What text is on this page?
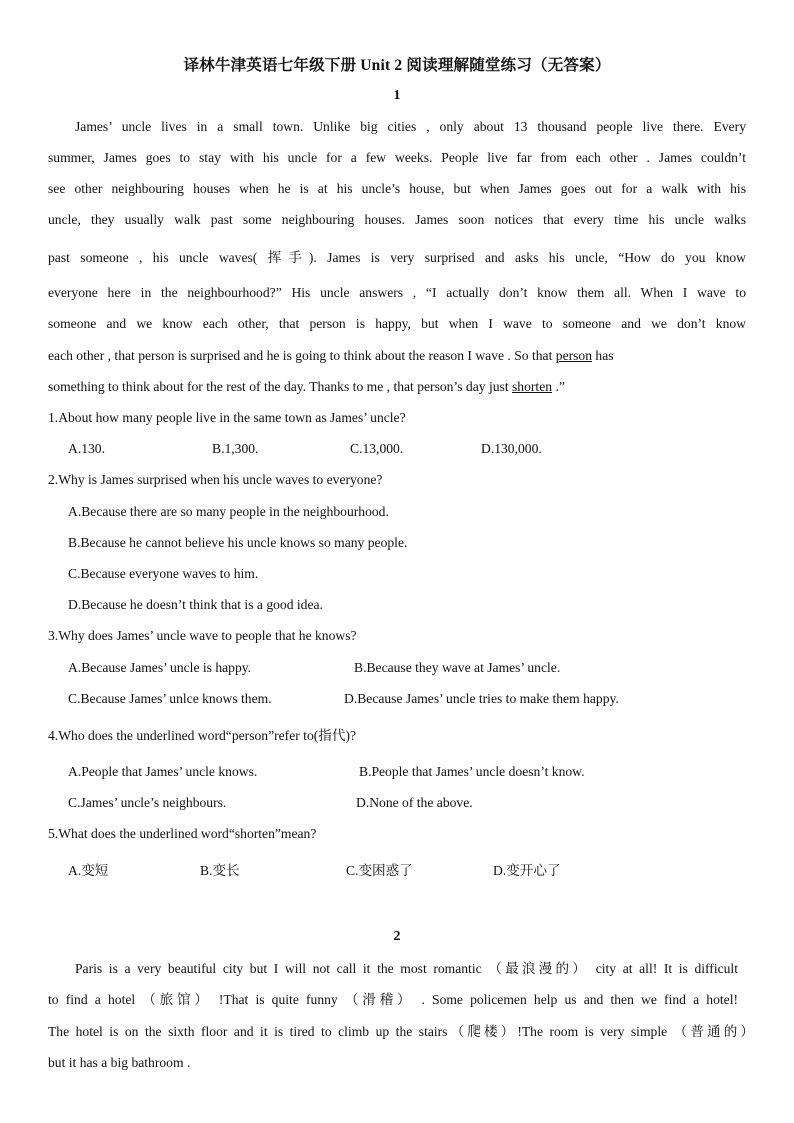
译林牛津英语七年级下册 Unit 2 阅读理解随堂练习（无答案）
1
James’ uncle lives in a small town. Unlike big cities , only about 13 thousand people live there. Every
summer, James goes to stay with his uncle for a few weeks. People live far from each other . James couldn’t
see other neighbouring houses when he is at his uncle’s house, but when James goes out for a walk with his
uncle, they usually walk past some neighbouring houses. James soon notices that every time his uncle walks
past someone , his uncle waves( 挥手). James is very surprised and asks his uncle, “How do you know
everyone here in the neighbourhood?” His uncle answers , “I actually don’t know them all. When I wave to
someone and we know each other, that person is happy, but when I wave to someone and we don’t know
each other , that person is surprised and he is going to think about the reason I wave . So that person has
something to think about for the rest of the day. Thanks to me , that person’s day just shorten .”
1.About how many people live in the same town as James’ uncle?
A.130.	B.1,300.	C.13,000.	D.130,000.
2.Why is James surprised when his uncle waves to everyone?
A.Because there are so many people in the neighbourhood.
B.Because he cannot believe his uncle knows so many people.
C.Because everyone waves to him.
D.Because he doesn’t think that is a good idea.
3.Why does James’ uncle wave to people that he knows?
A.Because James’ uncle is happy.	B.Because they wave at James’ uncle.
C.Because James’ unlce knows them.	D.Because James’ uncle tries to make them happy.
4.Who does the underlined word“person”refer to(指代)?
A.People that James’ uncle knows.	B.People that James’ uncle doesn’t know.
C.James’ uncle’s neighbours.	D.None of the above.
5.What does the underlined word“shorten”mean?
A.变短	B.变长	C.变困惑了	D.变开心了
2
Paris is a very beautiful city but I will not call it the most romantic （最浪漫的） city at all! It is difficult
to find a hotel （旅馆） !That is quite funny （滑稽） . Some policemen help us and then we find a hotel!
The hotel is on the sixth floor and it is tired to climb up the stairs（爬楼）!The room is very simple （普通的）
but it has a big bathroom .
